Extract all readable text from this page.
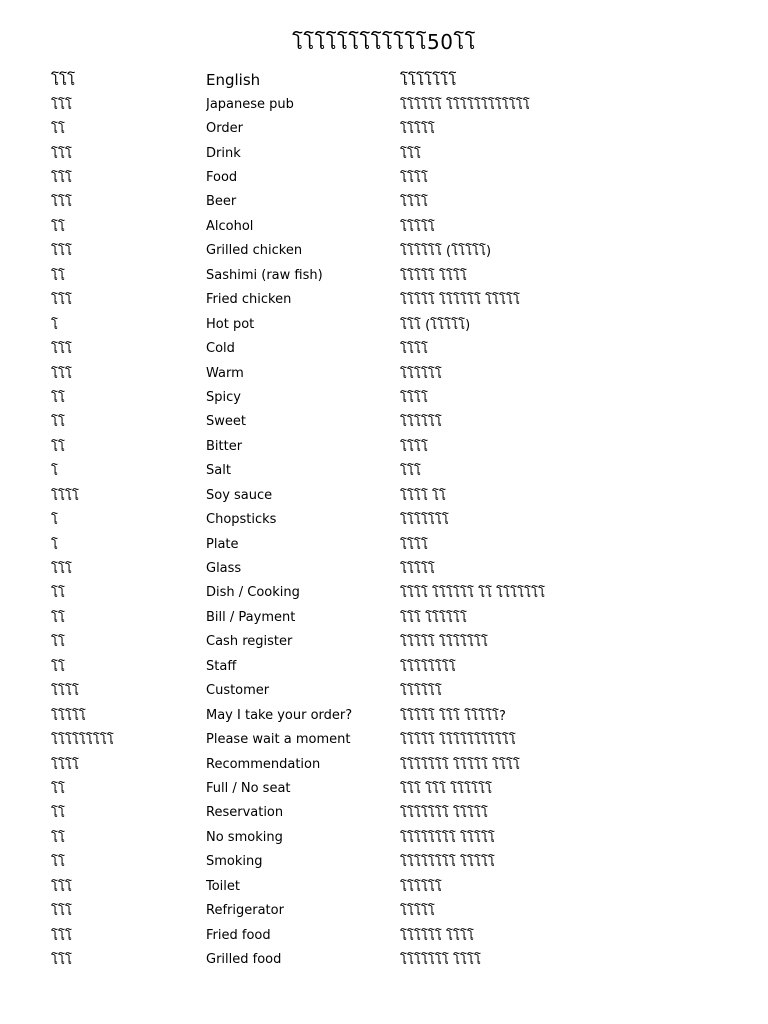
โโโโโโโโโโโโ50โโ
โโโ	English	โโโโโโโ
โโโ	Japanese pub	โโโโโโ โโโโโโโโโโโโ
โโ	Order	โโโโโ
โโโ	Drink	โโโ
โโโ	Food	โโโโ
โโโ	Beer	โโโโ
โโ	Alcohol	โโโโโ
โโโ	Grilled chicken	โโโโโโ (โโโโโ)
โโ	Sashimi (raw fish)	โโโโโ โโโโ
โโโ	Fried chicken	โโโโโ โโโโโโ โโโโโ
โ	Hot pot	โโโ (โโโโโ)
โโโ	Cold	โโโโ
โโโ	Warm	โโโโโโ
โโ	Spicy	โโโโ
โโ	Sweet	โโโโโโ
โโ	Bitter	โโโโ
โ	Salt	โโโ
โโโโ	Soy sauce	โโโโ โโ
โ	Chopsticks	โโโโโโโ
โ	Plate	โโโโ
โโโ	Glass	โโโโโ
โโ	Dish / Cooking	โโโโ โโโโโโ โโ โโโโโโโ
โโ	Bill / Payment	โโโ โโโโโโ
โโ	Cash register	โโโโโ โโโโโโโ
โโ	Staff	โโโโโโโโ
โโโโ	Customer	โโโโโโ
โโโโโ	May I take your order?	โโโโโ โโโ โโโโโ?
โโโโโโโโโ	Please wait a moment	โโโโโ โโโโโโโโโโโ
โโโโ	Recommendation	โโโโโโโ โโโโโ โโโโ
โโ	Full / No seat	โโโ โโโ โโโโโโ
โโ	Reservation	โโโโโโโ โโโโโ
โโ	No smoking	โโโโโโโโ โโโโโ
โโ	Smoking	โโโโโโโโ โโโโโ
โโโ	Toilet	โโโโโโ
โโโ	Refrigerator	โโโโโ
โโโ	Fried food	โโโโโโ โโโโ
โโโ	Grilled food	โโโโโโโ โโโโ
